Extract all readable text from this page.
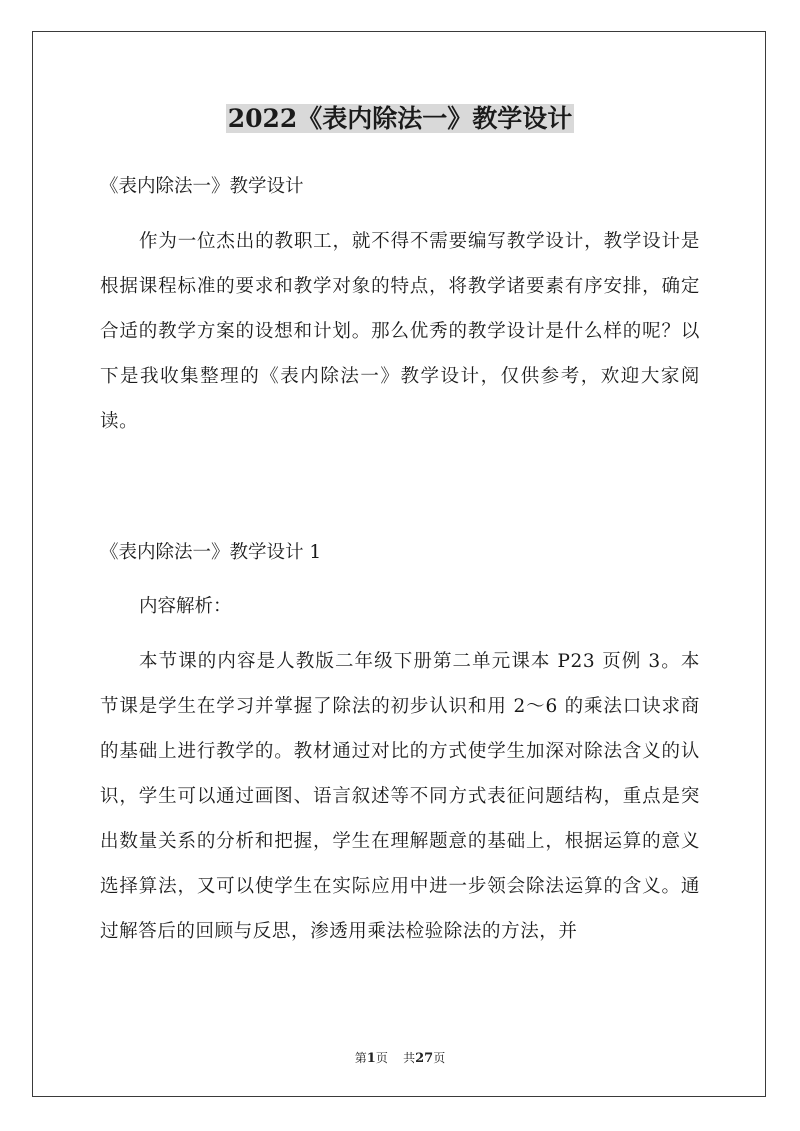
2022《表内除法一》教学设计
《表内除法一》教学设计
作为一位杰出的教职工，就不得不需要编写教学设计，教学设计是根据课程标准的要求和教学对象的特点，将教学诸要素有序安排，确定合适的教学方案的设想和计划。那么优秀的教学设计是什么样的呢？以下是我收集整理的《表内除法一》教学设计，仅供参考，欢迎大家阅读。
《表内除法一》教学设计 1
内容解析：
本节课的内容是人教版二年级下册第二单元课本 P23 页例 3。本节课是学生在学习并掌握了除法的初步认识和用 2～6 的乘法口诀求商的基础上进行教学的。教材通过对比的方式使学生加深对除法含义的认识，学生可以通过画图、语言叙述等不同方式表征问题结构，重点是突出数量关系的分析和把握，学生在理解题意的基础上，根据运算的意义选择算法，又可以使学生在实际应用中进一步领会除法运算的含义。通过解答后的回顾与反思，渗透用乘法检验除法的方法，并
第1页 共27页
